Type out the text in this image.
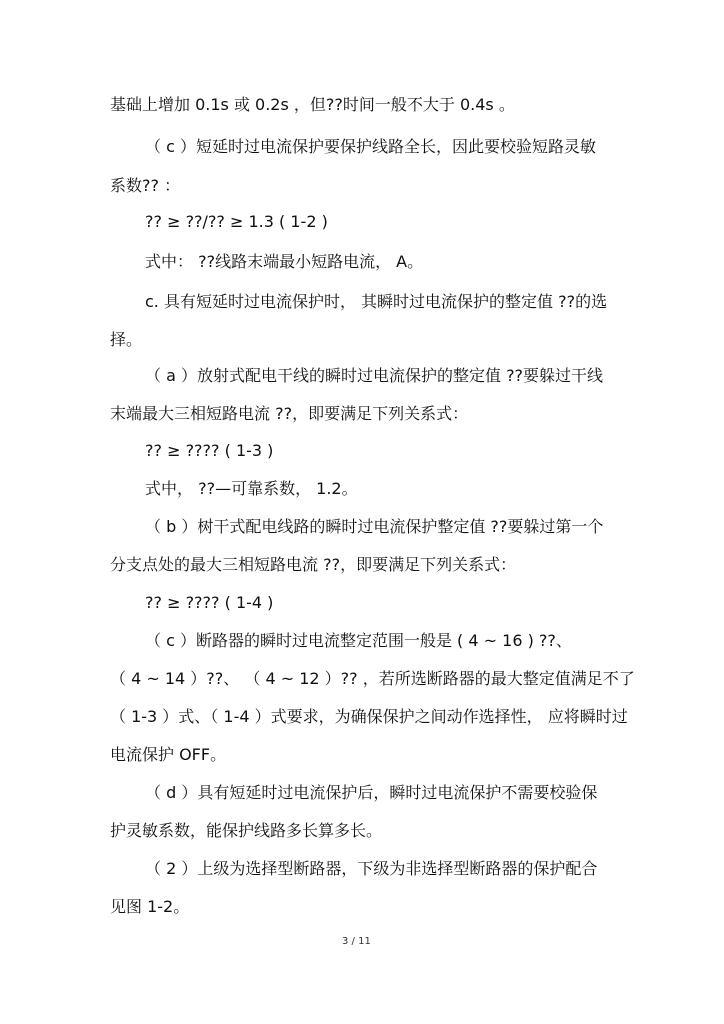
基础上增加 0.1s 或 0.2s ，但??时间一般不大于 0.4s 。
（ c ）短延时过电流保护要保护线路全长，因此要校验短路灵敏
系数?? ：
?? ≥ ??/?? ≥ 1.3 ( 1-2 )
式中： ??线路末端最小短路电流， A。
c. 具有短延时过电流保护时， 其瞬时过电流保护的整定值 ??的选
择。
（ a ）放射式配电干线的瞬时过电流保护的整定值 ??要躲过干线
末端最大三相短路电流 ??，即要满足下列关系式：
?? ≥ ???? ( 1-3 )
式中， ??—可靠系数， 1.2。
（ b ）树干式配电线路的瞬时过电流保护整定值 ??要躲过第一个
分支点处的最大三相短路电流 ??，即要满足下列关系式：
?? ≥ ???? ( 1-4 )
（ c ）断路器的瞬时过电流整定范围一般是 ( 4 ~ 16 ) ??、
（ 4 ~ 14 ）??、 （ 4 ~ 12 ）?? ，若所选断路器的最大整定值满足不了
（ 1-3 ）式、（ 1-4 ）式要求，为确保保护之间动作选择性， 应将瞬时过
电流保护 OFF。
（ d ）具有短延时过电流保护后，瞬时过电流保护不需要校验保
护灵敏系数，能保护线路多长算多长。
（ 2 ）上级为选择型断路器，下级为非选择型断路器的保护配合
见图 1-2。
3 / 11
